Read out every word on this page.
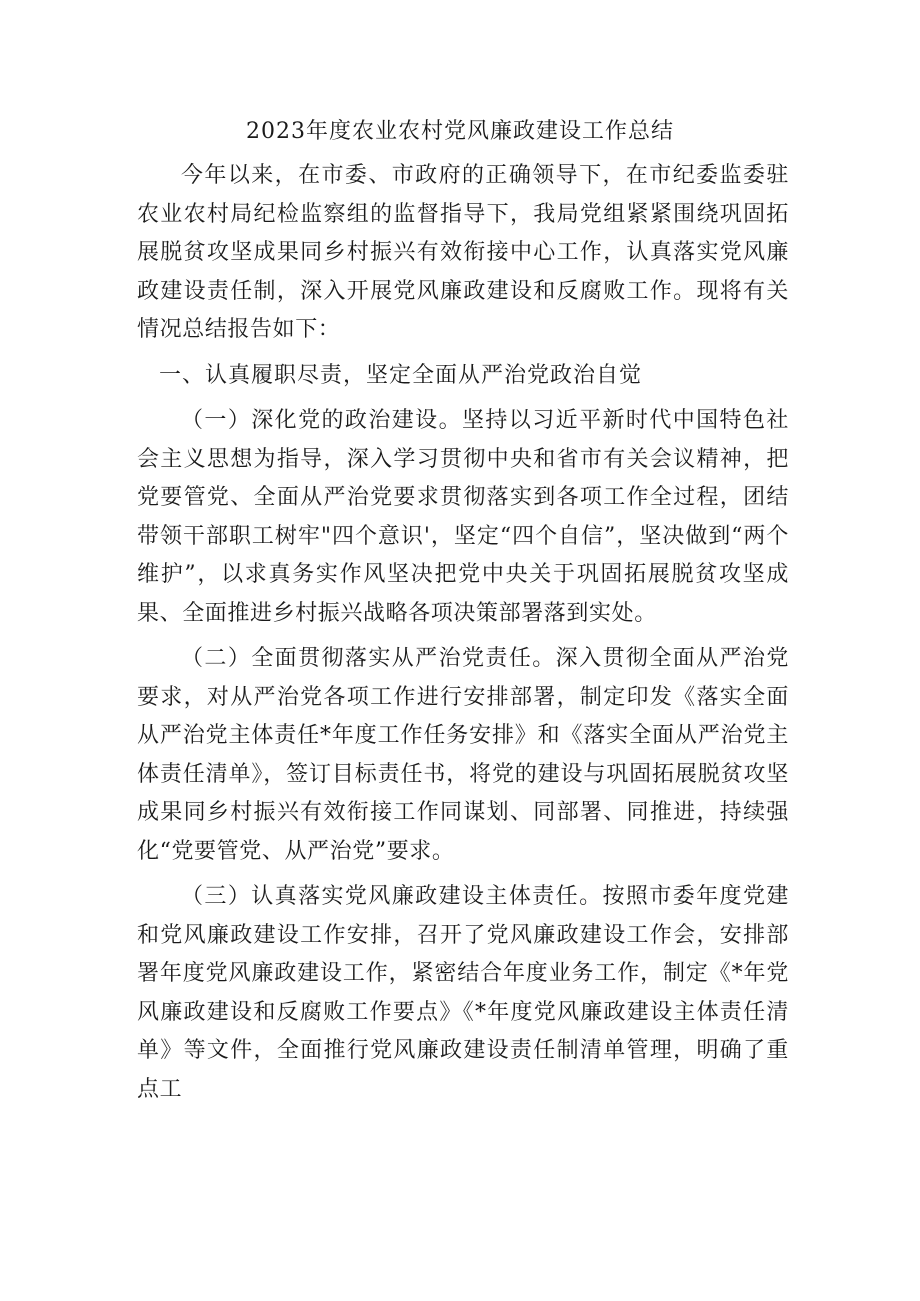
2023年度农业农村党风廉政建设工作总结

今年以来，在市委、市政府的正确领导下，在市纪委监委驻农业农村局纪检监察组的监督指导下，我局党组紧紧围绕巩固拓展脱贫攻坚成果同乡村振兴有效衔接中心工作，认真落实党风廉政建设责任制，深入开展党风廉政建设和反腐败工作。现将有关情况总结报告如下：

一、认真履职尽责，坚定全面从严治党政治自觉

（一）深化党的政治建设。坚持以习近平新时代中国特色社会主义思想为指导，深入学习贯彻中央和省市有关会议精神，把党要管党、全面从严治党要求贯彻落实到各项工作全过程，团结带领干部职工树牢"四个意识'，坚定“四个自信”，坚决做到“两个维护”，以求真务实作风坚决把党中央关于巩固拓展脱贫攻坚成果、全面推进乡村振兴战略各项决策部署落到实处。

（二）全面贯彻落实从严治党责任。深入贯彻全面从严治党要求，对从严治党各项工作进行安排部署，制定印发《落实全面从严治党主体责任*年度工作任务安排》和《落实全面从严治党主体责任清单》，签订目标责任书，将党的建设与巩固拓展脱贫攻坚成果同乡村振兴有效衔接工作同谋划、同部署、同推进，持续强化“党要管党、从严治党”要求。

（三）认真落实党风廉政建设主体责任。按照市委年度党建和党风廉政建设工作安排，召开了党风廉政建设工作会，安排部署年度党风廉政建设工作，紧密结合年度业务工作，制定《*年党风廉政建设和反腐败工作要点》《*年度党风廉政建设主体责任清单》等文件，全面推行党风廉政建设责任制清单管理，明确了重点工
